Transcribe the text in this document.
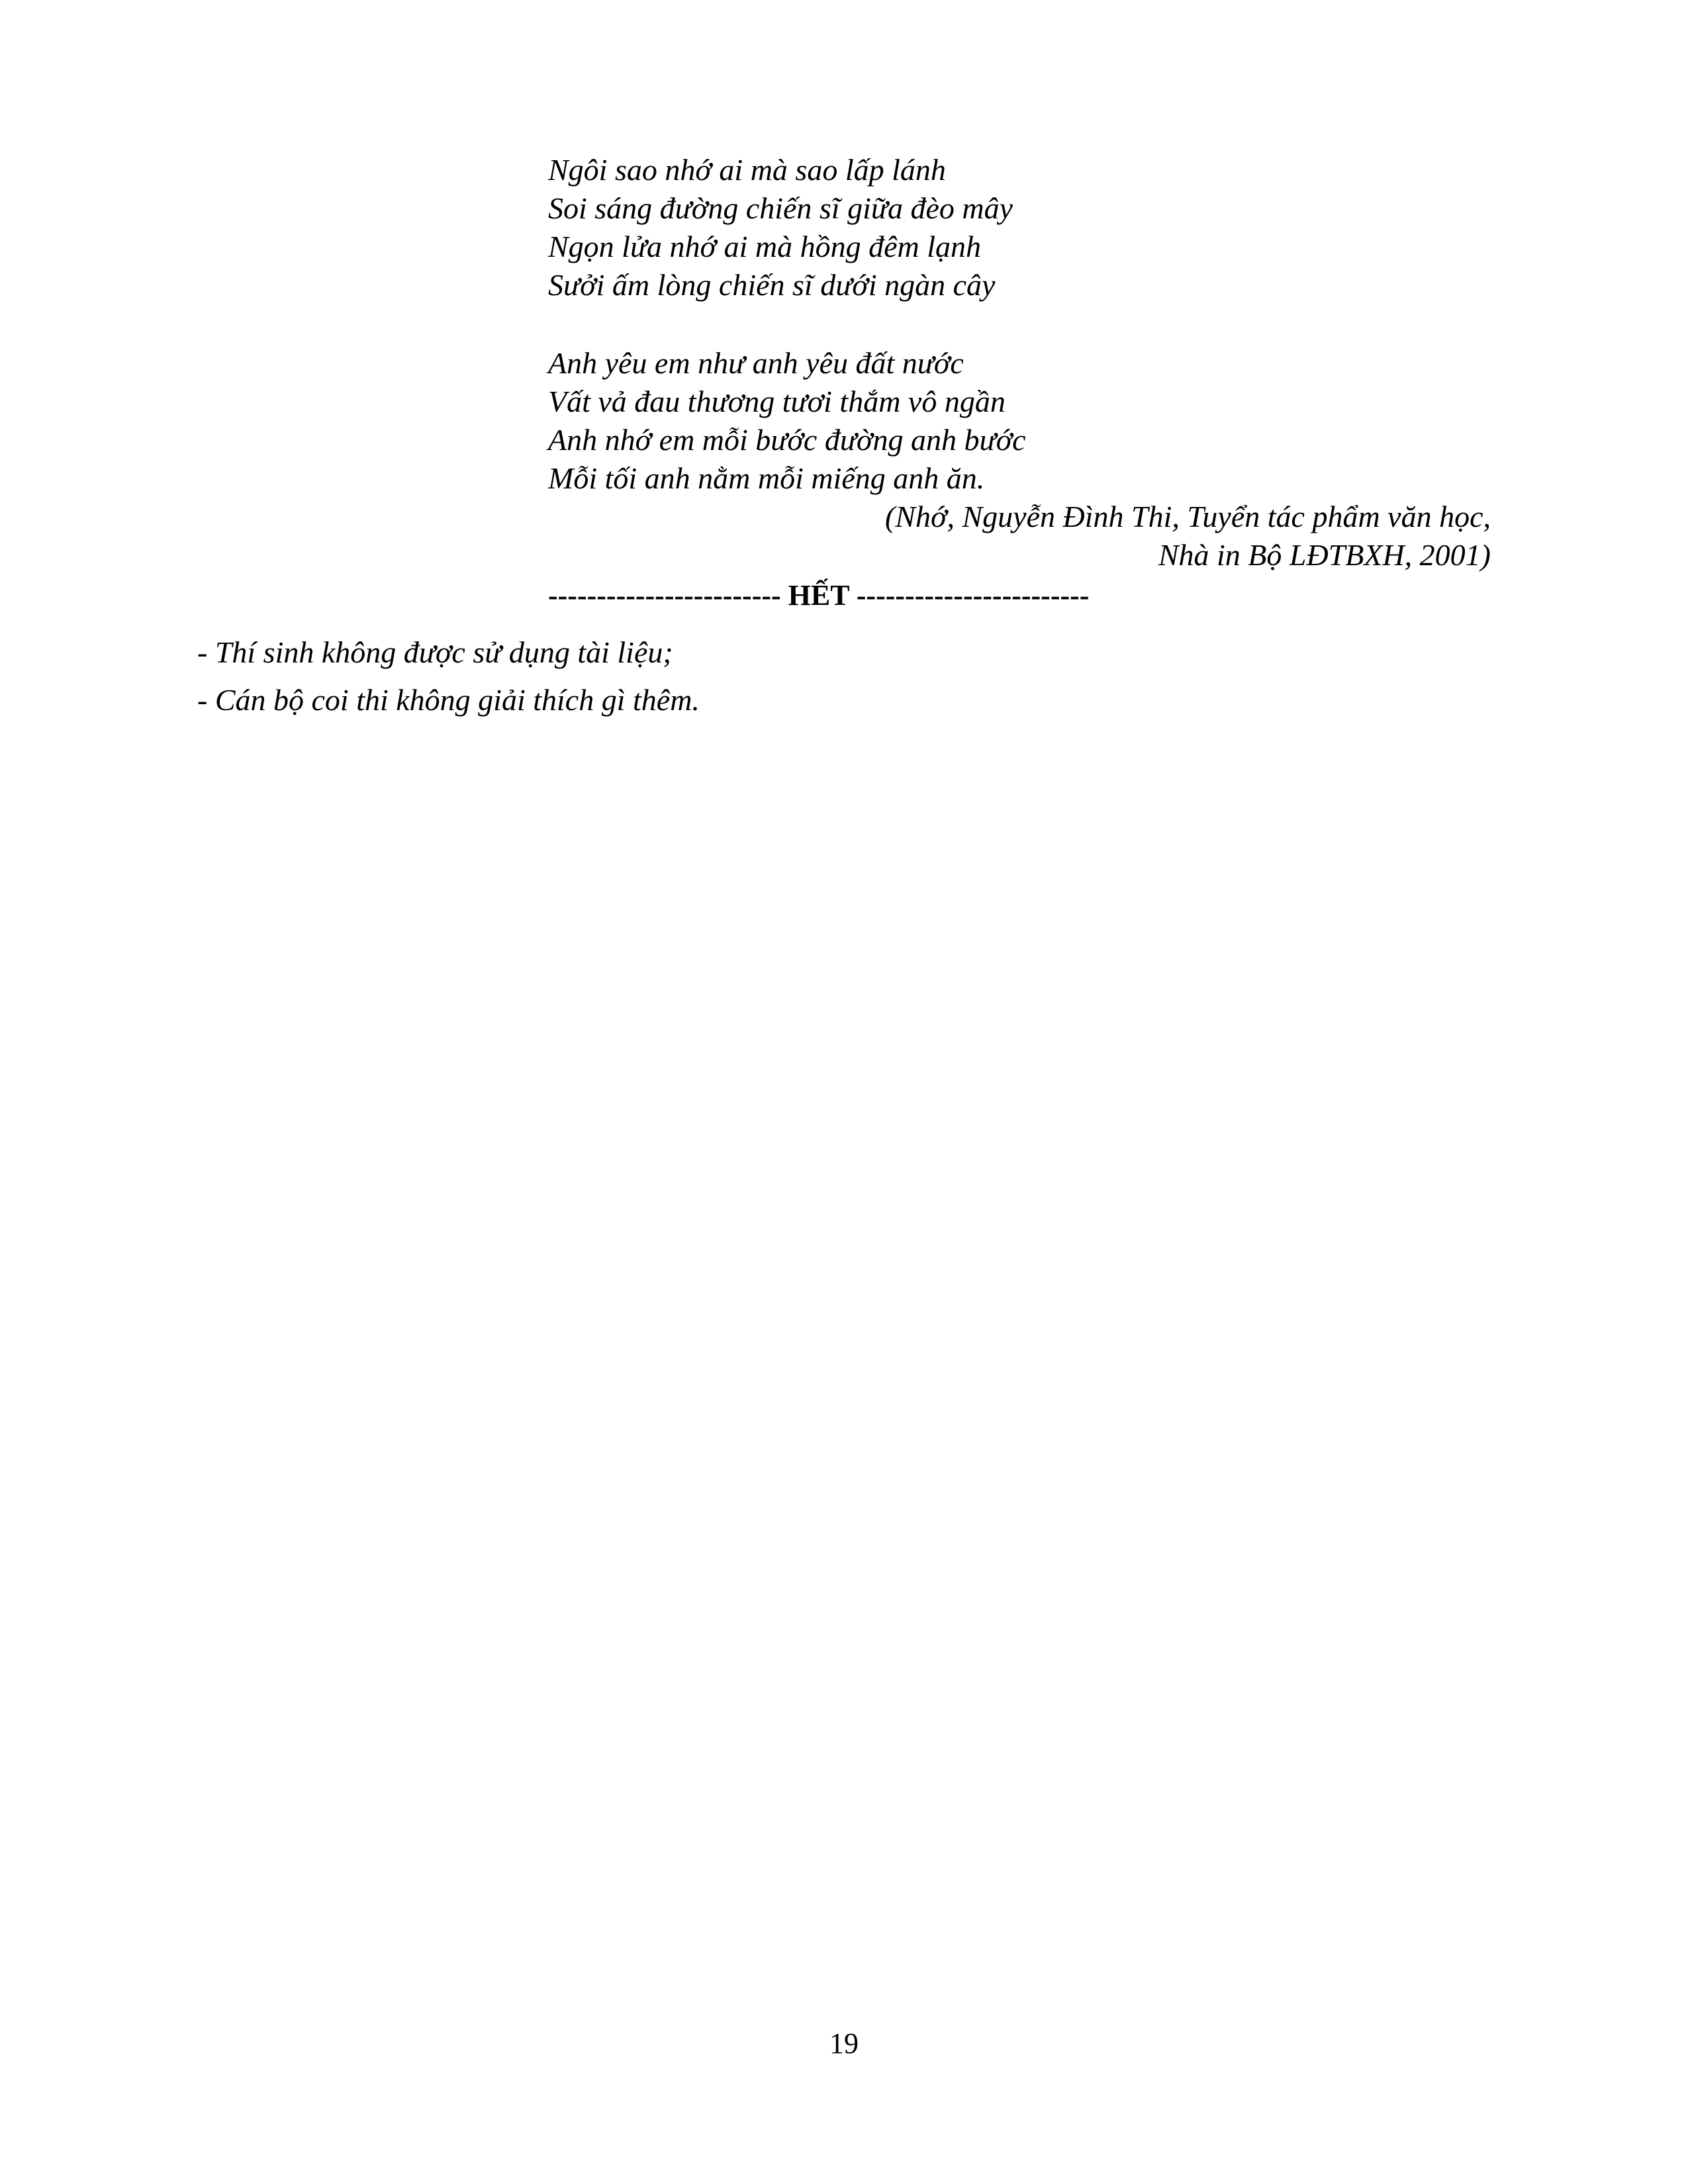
Ngôi sao nhớ ai mà sao lấp lánh
Soi sáng đường chiến sĩ giữa đèo mây
Ngọn lửa nhớ ai mà hồng đêm lạnh
Sưởi ấm lòng chiến sĩ dưới ngàn cây
Anh yêu em như anh yêu đất nước
Vất vả đau thương tươi thắm vô ngần
Anh nhớ em mỗi bước đường anh bước
Mỗi tối anh nằm mỗi miếng anh ăn.
(Nhớ, Nguyễn Đình Thi, Tuyển tác phẩm văn học,
Nhà in Bộ LĐTBXH, 2001)
------------------------ HẾT ------------------------
- Thí sinh không được sử dụng tài liệu;
- Cán bộ coi thi không giải thích gì thêm.
19
